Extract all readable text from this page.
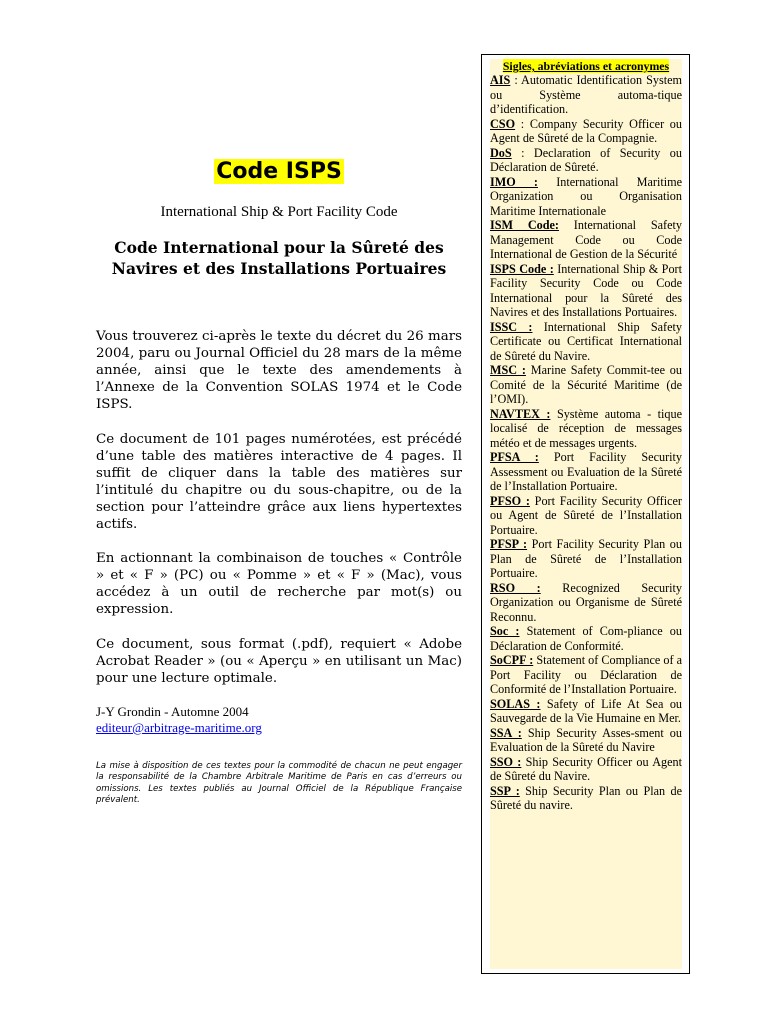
Code ISPS
International Ship & Port Facility Code
Code International pour la Sûreté des Navires et des Installations Portuaires

Vous trouverez ci-après le texte du décret du 26 mars 2004, paru ou Journal Officiel du 28 mars de la même année, ainsi que le texte des amendements à l’Annexe de la Convention SOLAS 1974 et le Code ISPS.

Ce document de 101 pages numérotées, est précédé d’une table des matières interactive de 4 pages. Il suffit de cliquer dans la table des matières sur l’intitulé du chapitre ou du sous-chapitre, ou de la section pour l’atteindre grâce aux liens hypertextes actifs.

En actionnant la combinaison de touches « Contrôle » et « F » (PC) ou « Pomme » et « F » (Mac), vous accédez à un outil de recherche par mot(s) ou expression.

Ce document, sous format (.pdf), requiert « Adobe Acrobat Reader » (ou « Aperçu » en utilisant un Mac) pour une lecture optimale.

J-Y Grondin - Automne 2004
editeur@arbitrage-maritime.org

La mise à disposition de ces textes pour la commodité de chacun ne peut engager la responsabilité de la Chambre Arbitrale Maritime de Paris en cas d’erreurs ou omissions. Les textes publiés au Journal Officiel de la République Française prévalent.

Sigles, abréviations et acronymes
AIS : Automatic Identification System ou Système automa-tique d’identification.
CSO : Company Security Officer ou Agent de Sûreté de la Compagnie.
DoS : Declaration of Security ou Déclaration de Sûreté.
IMO : International Maritime Organization ou Organisation Maritime Internationale
ISM Code: International Safety Management Code ou Code International de Gestion de la Sécurité
ISPS Code : International Ship & Port Facility Security Code ou Code International pour la Sûreté des Navires et des Installations Portuaires.
ISSC : International Ship Safety Certificate ou Certificat International de Sûreté du Navire.
MSC : Marine Safety Commit-tee ou Comité de la Sécurité Maritime (de l’OMI).
NAVTEX : Système automa - tique localisé de réception de messages météo et de messages urgents.
PFSA : Port Facility Security Assessment ou Evaluation de la Sûreté de l’Installation Portuaire.
PFSO : Port Facility Security Officer ou Agent de Sûreté de l’Installation Portuaire.
PFSP : Port Facility Security Plan ou Plan de Sûreté de l’Installation Portuaire.
RSO : Recognized Security Organization ou Organisme de Sûreté Reconnu.
Soc : Statement of Com-pliance ou Déclaration de Conformité.
SoCPF : Statement of Compliance of a Port Facility ou Déclaration de Conformité de l’Installation Portuaire.
SOLAS : Safety of Life At Sea ou Sauvegarde de la Vie Humaine en Mer.
SSA : Ship Security Asses-sment ou Evaluation de la Sûreté du Navire
SSO : Ship Security Officer ou Agent de Sûreté du Navire.
SSP : Ship Security Plan ou Plan de Sûreté du navire.
